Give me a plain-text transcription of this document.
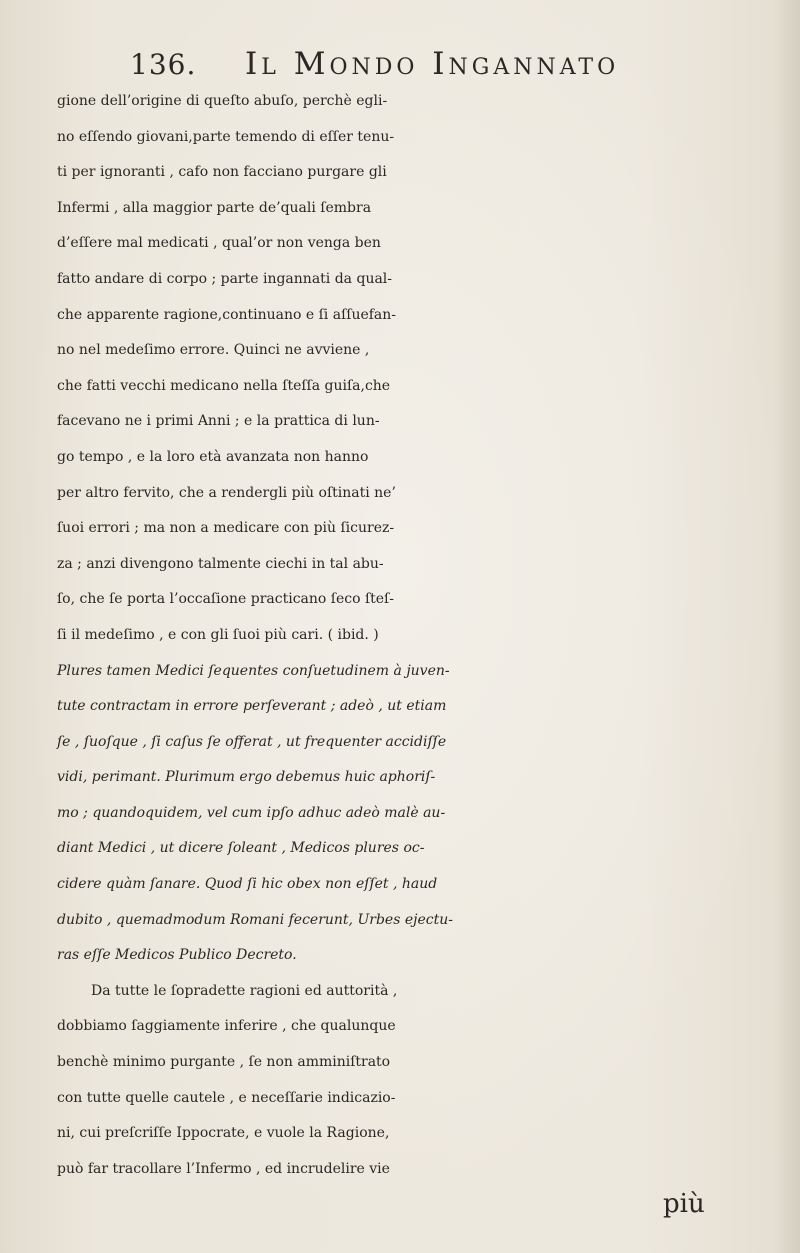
136. Il Mondo Ingannato
gione dell’origine di queſto abuſo, perchè egli-
no eſſendo giovani,parte temendo di eſſer tenu-
ti per ignoranti , cafo non facciano purgare gli
Infermi , alla maggior parte de’quali ſembra
d’eſſere mal medicati , qual’or non venga ben
fatto andare di corpo ; parte ingannati da qual-
che apparente ragione,continuano e ſi aſſuefan-
no nel medeſimo errore. Quinci ne avviene ,
che fatti vecchi medicano nella ſteſſa guiſa,che
facevano ne i primi Anni ; e la prattica di lun-
go tempo , e la loro età avanzata non hanno
per altro fervito, che a rendergli più oſtinati ne’
ſuoi errori ; ma non a medicare con più ſicurez-
za ; anzi divengono talmente ciechi in tal abu-
ſo, che ſe porta l’occaſione practicano ſeco ſteſ-
ſi il medeſimo , e con gli ſuoi più cari. ( ibid. )
Plures tamen Medici ſequentes conſuetudinem à juven-
tute contractam in errore perſeverant ; adeò , ut etiam
ſe , ſuoſque , ſi caſus ſe offerat , ut frequenter accidiſſe
vidi, perimant. Plurimum ergo debemus huic aphoriſ-
mo ; quandoquidem, vel cum ipſo adhuc adeò malè au-
diant Medici , ut dicere ſoleant , Medicos plures oc-
cidere quàm ſanare. Quod ſi hic obex non eſſet , haud
dubito , quemadmodum Romani fecerunt, Urbes ejectu-
ras eſſe Medicos Publico Decreto.
Da tutte le ſopradette ragioni ed auttorità ,
dobbiamo ſaggiamente inferire , che qualunque
benchè minimo purgante , ſe non amminiſtrato
con tutte quelle cautele , e neceſſarie indicazio-
ni, cui preſcriſſe Ippocrate, e vuole la Ragione,
può far tracollare l’Infermo , ed incrudelire vie
più
